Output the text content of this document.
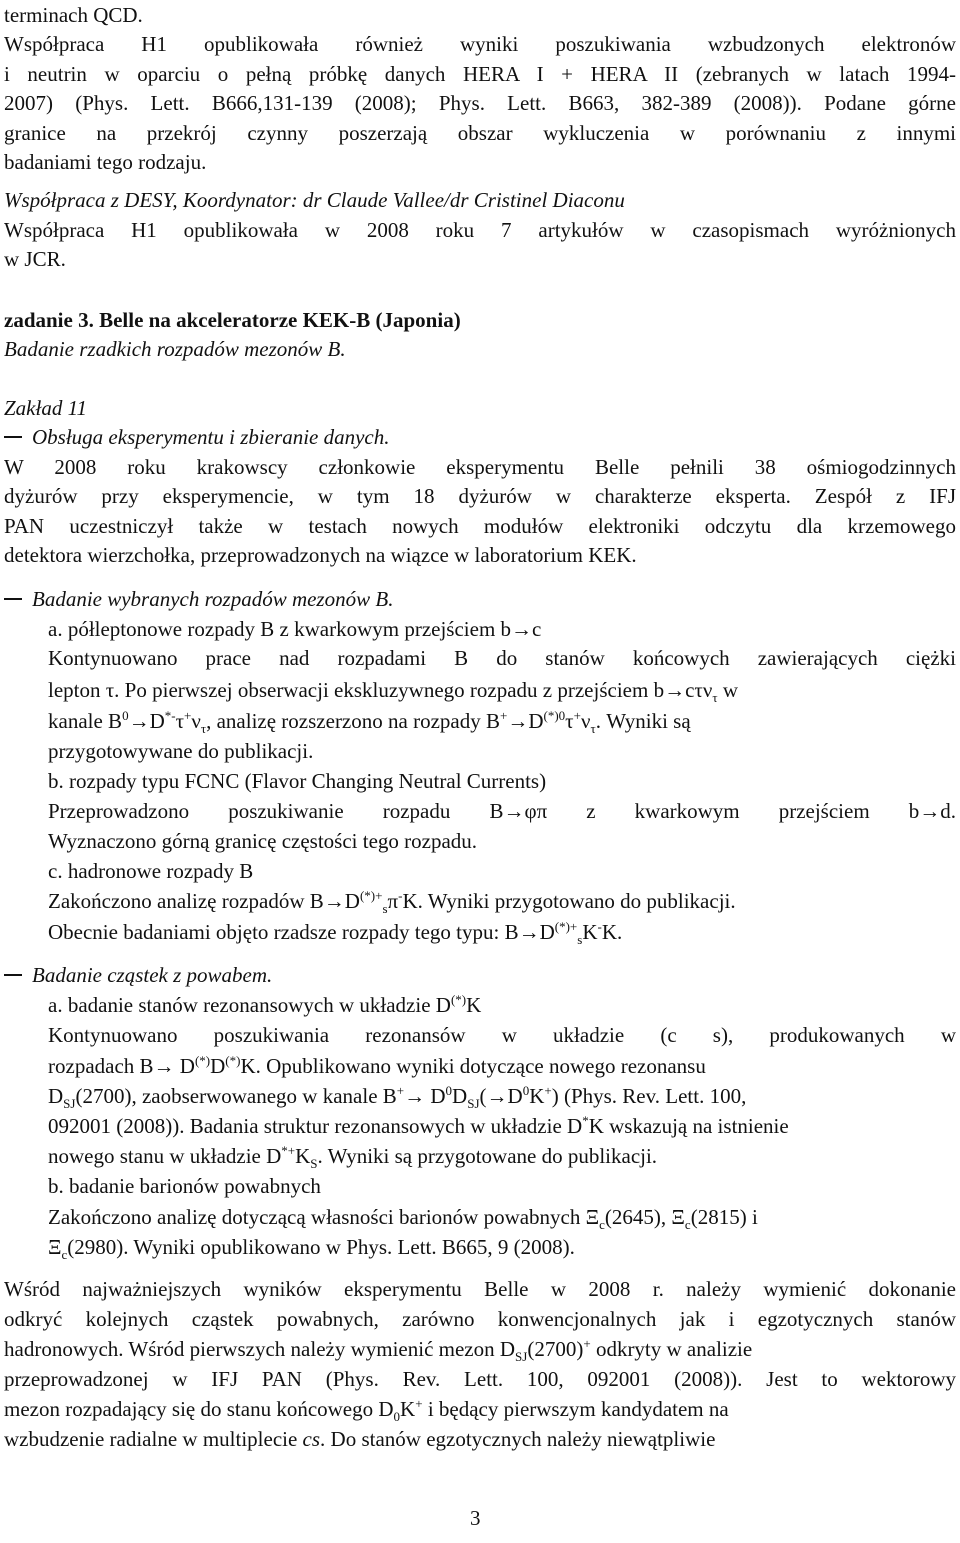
terminach QCD.
Współpraca H1 opublikowała również wyniki poszukiwania wzbudzonych elektronów
i neutrin w oparciu o pełną próbkę danych HERA I + HERA II (zebranych w latach 1994-
2007) (Phys. Lett. B666,131-139 (2008); Phys. Lett. B663, 382-389 (2008)). Podane górne
granice na przekrój czynny poszerzają obszar wykluczenia w porównaniu z innymi
badaniami tego rodzaju.
Współpraca z DESY, Koordynator: dr Claude Vallee/dr Cristinel Diaconu
Współpraca H1 opublikowała w 2008 roku 7 artykułów w czasopismach wyróżnionych
w JCR.
zadanie 3. Belle na akceleratorze KEK-B (Japonia)
Badanie rzadkich rozpadów mezonów B.
Zakład 11
Obsługa eksperymentu i zbieranie danych.
W 2008 roku krakowscy członkowie eksperymentu Belle pełnili 38 ośmiogodzinnych
dyżurów przy eksperymencie, w tym 18 dyżurów w charakterze eksperta. Zespół z IFJ
PAN uczestniczył także w testach nowych modułów elektroniki odczytu dla krzemowego
detektora wierzchołka, przeprowadzonych na wiązce w laboratorium KEK.
Badanie wybranych rozpadów mezonów B.
a. półleptonowe rozpady B z kwarkowym przejściem b→c
Kontynuowano prace nad rozpadami B do stanów końcowych zawierających ciężki
lepton τ. Po pierwszej obserwacji ekskluzywnego rozpadu z przejściem b→cτν$_\tau$ w
kanale $B^0\to D^{*-}\tau^+\nu_\tau$, analizę rozszerzono na rozpady $B^+\to D^{(*)0}\tau^+\nu_\tau$. Wyniki są
przygotowywane do publikacji.
b. rozpady typu FCNC (Flavor Changing Neutral Currents)
Przeprowadzono poszukiwanie rozpadu B→φπ z kwarkowym przejściem b→d.
Wyznaczono górną granicę częstości tego rozpadu.
c. hadronowe rozpady B
Zakończono analizę rozpadów $B\to D^{(*)+}_s\pi^-K$. Wyniki przygotowano do publikacji.
Obecnie badaniami objęto rzadsze rozpady tego typu: $B\to D^{(*)+}_sK^-K$.
Badanie cząstek z powabem.
a. badanie stanów rezonansowych w układzie D(*)K
Kontynuowano poszukiwania rezonansów w układzie (c s), produkowanych w
rozpadach B→ D(*)D(*)K. Opublikowano wyniki dotyczące nowego rezonansu
$D_{SJ}(2700)$, zaobserwowanego w kanale $B^+\to D^0D_{SJ}(\to D^0K^+)$ (Phys. Rev. Lett. 100,
092001 (2008)). Badania struktur rezonansowych w układzie D*K wskazują na istnienie
nowego stanu w układzie $D^{*+}K_S$. Wyniki są przygotowane do publikacji.
b. badanie barionów powabnych
Zakończono analizę dotyczącą własności barionów powabnych $\Xi_c(2645)$, $\Xi_c(2815)$ i
$\Xi_c(2980)$. Wyniki opublikowano w Phys. Lett. B665, 9 (2008).
Wśród najważniejszych wyników eksperymentu Belle w 2008 r. należy wymienić dokonanie
odkryć kolejnych cząstek powabnych, zarówno konwencjonalnych jak i egzotycznych stanów
hadronowych. Wśród pierwszych należy wymienić mezon $D_{SJ}(2700)^+$ odkryty w analizie
przeprowadzonej w IFJ PAN (Phys. Rev. Lett. 100, 092001 (2008)). Jest to wektorowy
mezon rozpadający się do stanu końcowego $D_0K^+$ i będący pierwszym kandydatem na
wzbudzenie radialne w multiplecie cs. Do stanów egzotycznych należy niewątpliwie
3
